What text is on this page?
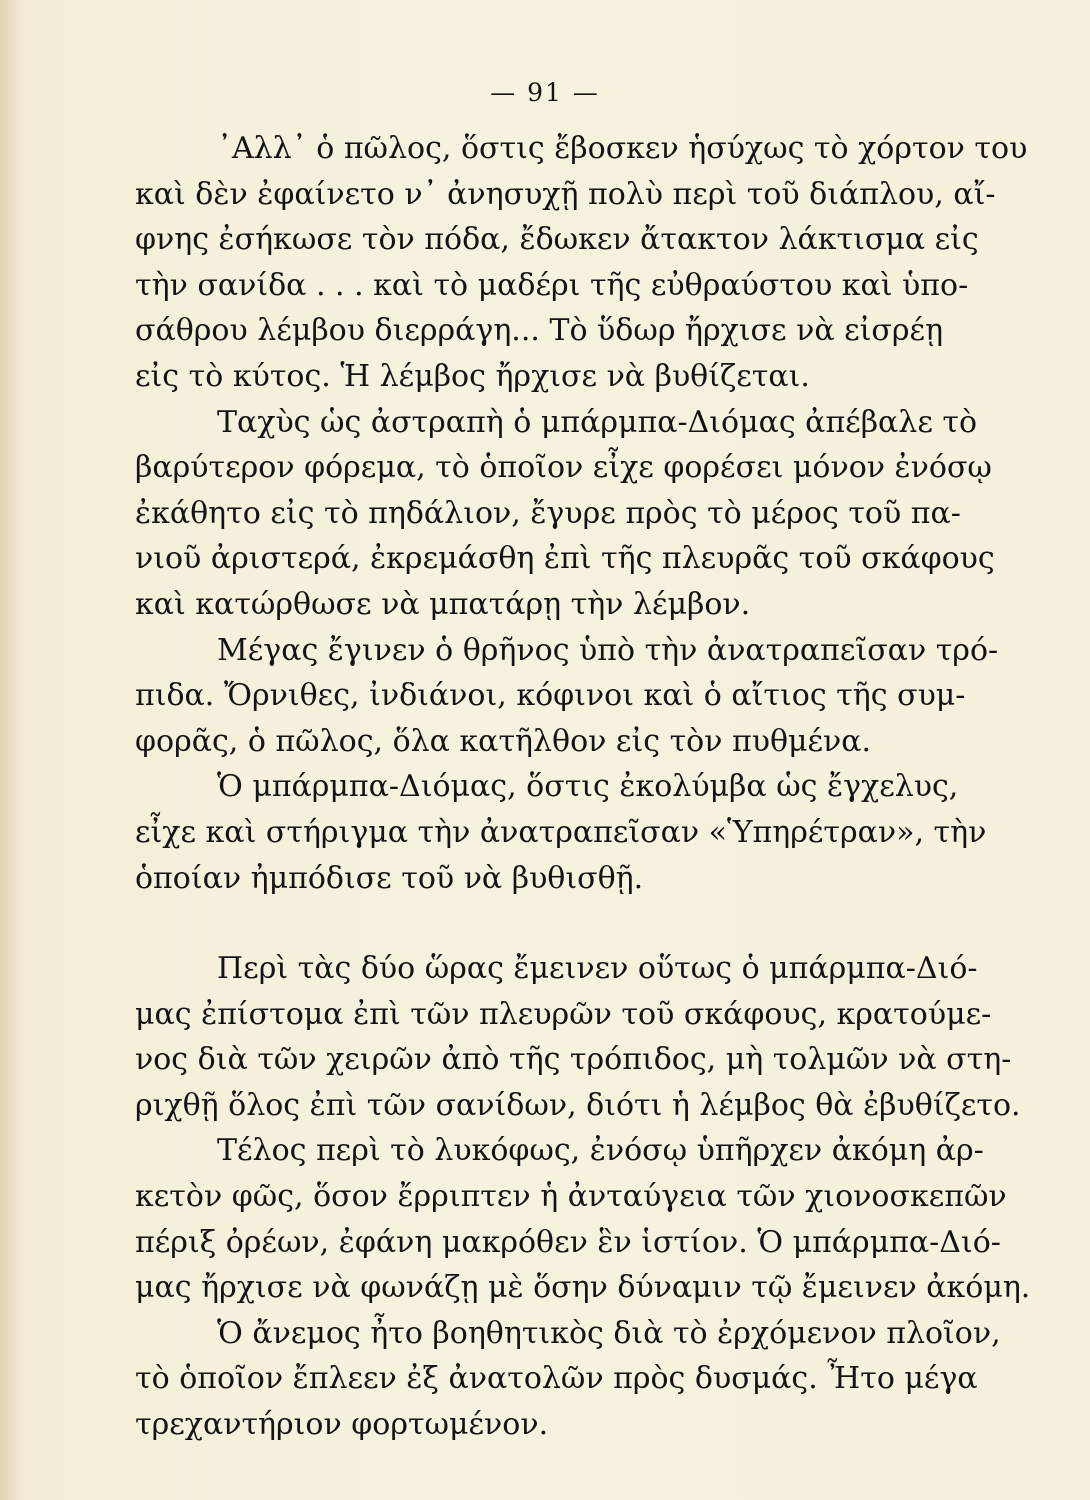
— 91 —

᾿Αλλ᾿ ὁ πῶλος, ὅστις ἔβοσκεν ἡσύχως τὸ χόρτον του
καὶ δὲν ἐφαίνετο ν᾿ ἀνησυχῇ πολὺ περὶ τοῦ διάπλου, αἴ-
φνης ἐσήκωσε τὸν πόδα, ἔδωκεν ἄτακτον λάκτισμα εἰς
τὴν σανίδα . . . καὶ τὸ μαδέρι τῆς εὐθραύστου καὶ ὑπο-
σάθρου λέμβου διερράγη... Τὸ ὕδωρ ἤρχισε νὰ εἰσρέῃ
εἰς τὸ κύτος. Ἡ λέμβος ἤρχισε νὰ βυθίζεται.

Ταχὺς ὡς ἀστραπὴ ὁ μπάρμπα-Διόμας ἀπέβαλε τὸ
βαρύτερον φόρεμα, τὸ ὁποῖον εἶχε φορέσει μόνον ἐνόσῳ
ἐκάθητο εἰς τὸ πηδάλιον, ἔγυρε πρὸς τὸ μέρος τοῦ πα-
νιοῦ ἀριστερά, ἐκρεμάσθη ἐπὶ τῆς πλευρᾶς τοῦ σκάφους
καὶ κατώρθωσε νὰ μπατάρῃ τὴν λέμβον.

Μέγας ἔγινεν ὁ θρῆνος ὑπὸ τὴν ἀνατραπεῖσαν τρό-
πιδα. Ὄρνιθες, ἰνδιάνοι, κόφινοι καὶ ὁ αἴτιος τῆς συμ-
φορᾶς, ὁ πῶλος, ὅλα κατῆλθον εἰς τὸν πυθμένα.

Ὁ μπάρμπα-Διόμας, ὅστις ἐκολύμβα ὡς ἔγχελυς,
εἶχε καὶ στήριγμα τὴν ἀνατραπεῖσαν «Ὑπηρέτραν», τὴν
ὁποίαν ἠμπόδισε τοῦ νὰ βυθισθῇ.

Περὶ τὰς δύο ὥρας ἔμεινεν οὕτως ὁ μπάρμπα-Διό-
μας ἐπίστομα ἐπὶ τῶν πλευρῶν τοῦ σκάφους, κρατούμε-
νος διὰ τῶν χειρῶν ἀπὸ τῆς τρόπιδος, μὴ τολμῶν νὰ στη-
ριχθῇ ὅλος ἐπὶ τῶν σανίδων, διότι ἡ λέμβος θὰ ἐβυθίζετο.

Τέλος περὶ τὸ λυκόφως, ἐνόσῳ ὑπῆρχεν ἀκόμη ἀρ-
κετὸν φῶς, ὅσον ἔρριπτεν ἡ ἀνταύγεια τῶν χιονοσκεπῶν
πέριξ ὀρέων, ἐφάνη μακρόθεν ἓν ἱστίον. Ὁ μπάρμπα-Διό-
μας ἤρχισε νὰ φωνάζῃ μὲ ὅσην δύναμιν τῷ ἔμεινεν ἀκόμη.

Ὁ ἄνεμος ἦτο βοηθητικὸς διὰ τὸ ἐρχόμενον πλοῖον,
τὸ ὁποῖον ἔπλεεν ἐξ ἀνατολῶν πρὸς δυσμάς. Ἦτο μέγα
τρεχαντήριον φορτωμένον.
